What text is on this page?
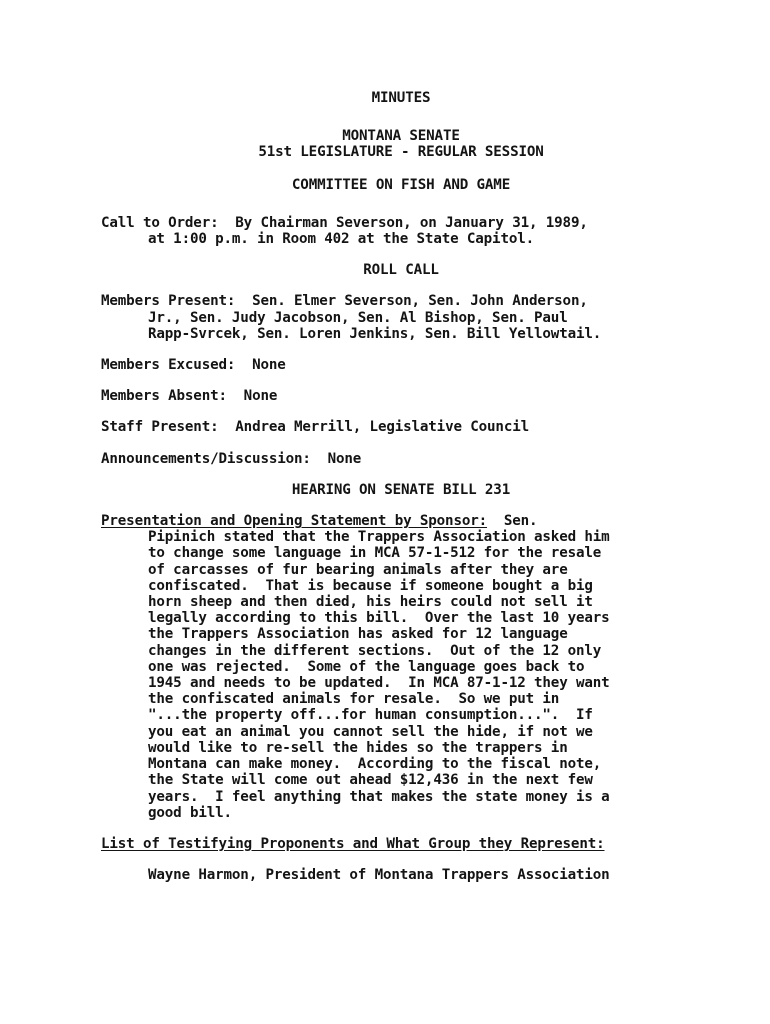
MINUTES
MONTANA SENATE
51st LEGISLATURE - REGULAR SESSION
COMMITTEE ON FISH AND GAME
Call to Order: By Chairman Severson, on January 31, 1989,
at 1:00 p.m. in Room 402 at the State Capitol.
ROLL CALL
Members Present: Sen. Elmer Severson, Sen. John Anderson,
Jr., Sen. Judy Jacobson, Sen. Al Bishop, Sen. Paul
Rapp-Svrcek, Sen. Loren Jenkins, Sen. Bill Yellowtail.
Members Excused: None
Members Absent: None
Staff Present: Andrea Merrill, Legislative Council
Announcements/Discussion: None
HEARING ON SENATE BILL 231
Presentation and Opening Statement by Sponsor: Sen.
Pipinich stated that the Trappers Association asked him
to change some language in MCA 57-1-512 for the resale
of carcasses of fur bearing animals after they are
confiscated.  That is because if someone bought a big
horn sheep and then died, his heirs could not sell it
legally according to this bill.  Over the last 10 years
the Trappers Association has asked for 12 language
changes in the different sections.  Out of the 12 only
one was rejected.  Some of the language goes back to
1945 and needs to be updated.  In MCA 87-1-12 they want
the confiscated animals for resale.  So we put in
"...the property off...for human consumption...".  If
you eat an animal you cannot sell the hide, if not we
would like to re-sell the hides so the trappers in
Montana can make money.  According to the fiscal note,
the State will come out ahead $12,436 in the next few
years.  I feel anything that makes the state money is a
good bill.
List of Testifying Proponents and What Group they Represent:
Wayne Harmon, President of Montana Trappers Association
